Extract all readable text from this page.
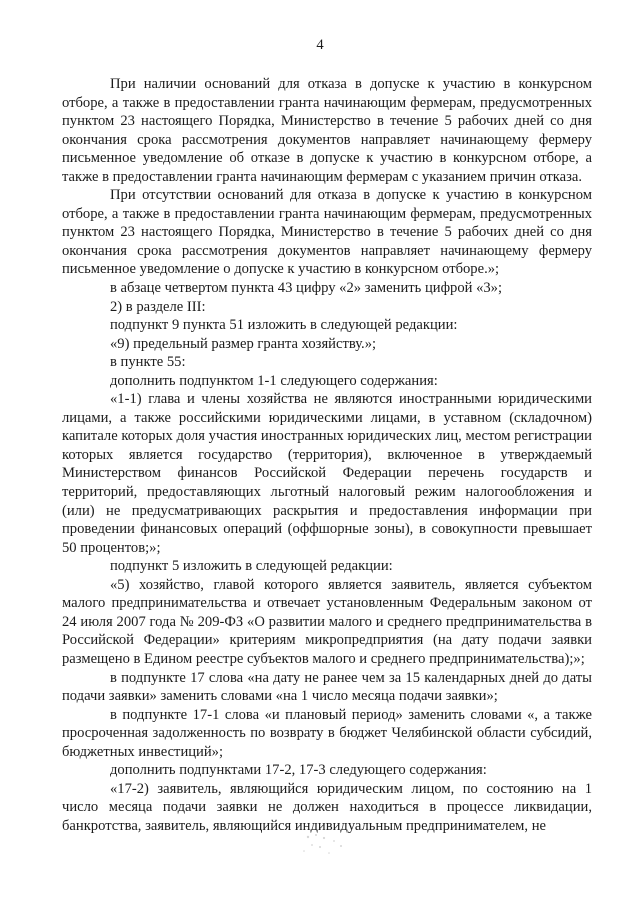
4

При наличии оснований для отказа в допуске к участию в конкурсном отборе, а также в предоставлении гранта начинающим фермерам, предусмотренных пунктом 23 настоящего Порядка, Министерство в течение 5 рабочих дней со дня окончания срока рассмотрения документов направляет начинающему фермеру письменное уведомление об отказе в допуске к участию в конкурсном отборе, а также в предоставлении гранта начинающим фермерам с указанием причин отказа.

При отсутствии оснований для отказа в допуске к участию в конкурсном отборе, а также в предоставлении гранта начинающим фермерам, предусмотренных пунктом 23 настоящего Порядка, Министерство в течение 5 рабочих дней со дня окончания срока рассмотрения документов направляет начинающему фермеру письменное уведомление о допуске к участию в конкурсном отборе.»;

в абзаце четвертом пункта 43 цифру «2» заменить цифрой «3»;

2) в разделе III:

подпункт 9 пункта 51 изложить в следующей редакции:

«9) предельный размер гранта хозяйству.»;

в пункте 55:

дополнить подпунктом 1-1 следующего содержания:

«1-1) глава и члены хозяйства не являются иностранными юридическими лицами, а также российскими юридическими лицами, в уставном (складочном) капитале которых доля участия иностранных юридических лиц, местом регистрации которых является государство (территория), включенное в утверждаемый Министерством финансов Российской Федерации перечень государств и территорий, предоставляющих льготный налоговый режим налогообложения и (или) не предусматривающих раскрытия и предоставления информации при проведении финансовых операций (оффшорные зоны), в совокупности превышает 50 процентов;»;

подпункт 5 изложить в следующей редакции:

«5) хозяйство, главой которого является заявитель, является субъектом малого предпринимательства и отвечает установленным Федеральным законом от 24 июля 2007 года № 209-ФЗ «О развитии малого и среднего предпринимательства в Российской Федерации» критериям микропредприятия (на дату подачи заявки размещено в Едином реестре субъектов малого и среднего предпринимательства);»;

в подпункте 17 слова «на дату не ранее чем за 15 календарных дней до даты подачи заявки» заменить словами «на 1 число месяца подачи заявки»;

в подпункте 17-1 слова «и плановый период» заменить словами «, а также просроченная задолженность по возврату в бюджет Челябинской области субсидий, бюджетных инвестиций»;

дополнить подпунктами 17-2, 17-3 следующего содержания:

«17-2) заявитель, являющийся юридическим лицом, по состоянию на 1 число месяца подачи заявки не должен находиться в процессе ликвидации, банкротства, заявитель, являющийся индивидуальным предпринимателем, не
